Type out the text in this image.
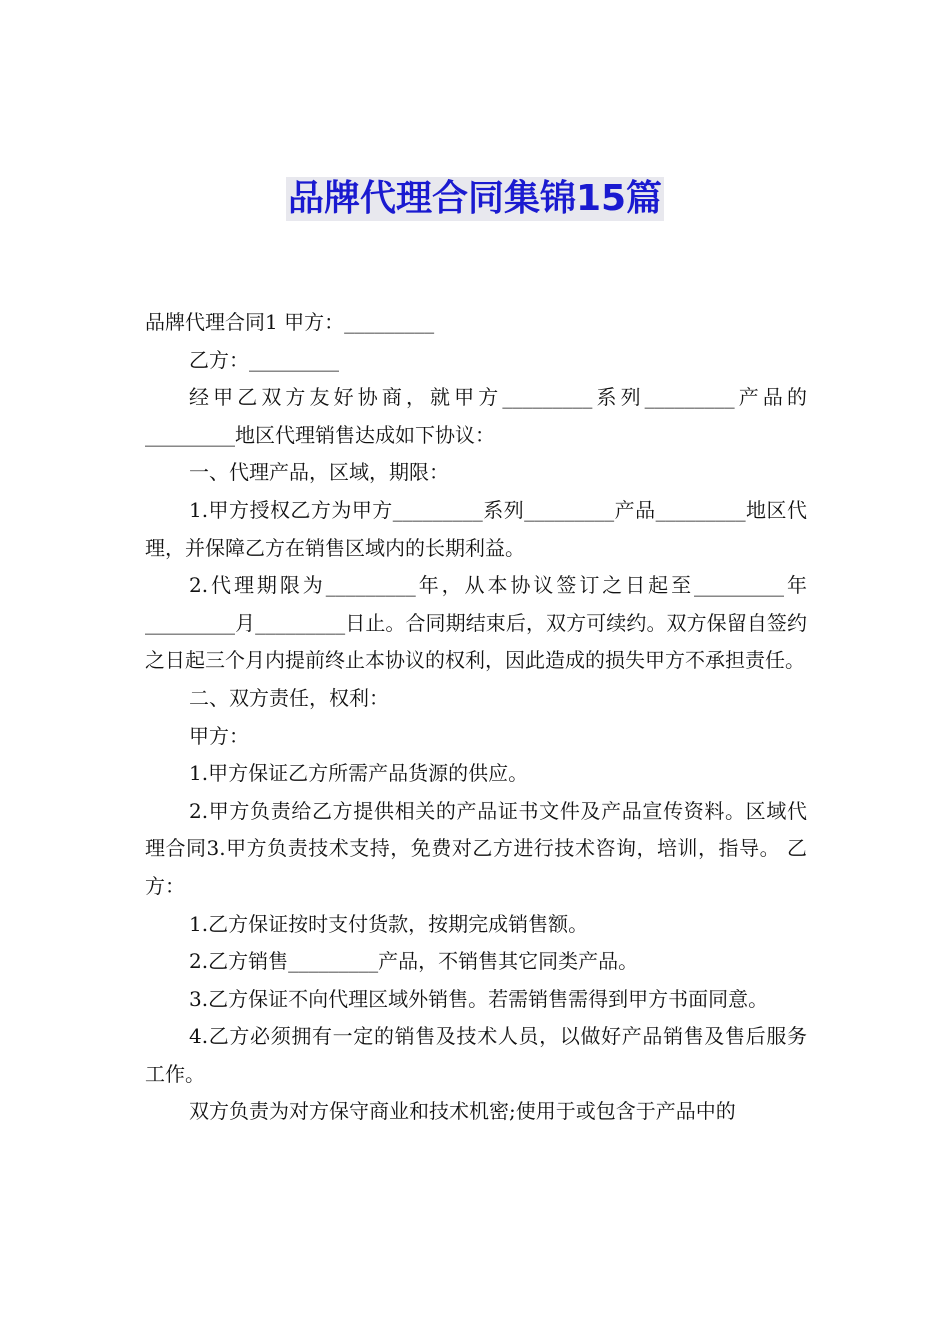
品牌代理合同集锦15篇

品牌代理合同1 甲方：_________

乙方：_________

经甲乙双方友好协商，就甲方_________系列_________产品的_________地区代理销售达成如下协议：

一、代理产品，区域，期限：

1.甲方授权乙方为甲方_________系列_________产品_________地区代理，并保障乙方在销售区域内的长期利益。

2.代理期限为_________年，从本协议签订之日起至_________年_________月_________日止。合同期结束后，双方可续约。双方保留自签约之日起三个月内提前终止本协议的权利，因此造成的损失甲方不承担责任。

二、双方责任，权利：

甲方：

1.甲方保证乙方所需产品货源的供应。

2.甲方负责给乙方提供相关的产品证书文件及产品宣传资料。区域代理合同3.甲方负责技术支持，免费对乙方进行技术咨询，培训，指导。 乙方：

1.乙方保证按时支付货款，按期完成销售额。

2.乙方销售_________产品，不销售其它同类产品。

3.乙方保证不向代理区域外销售。若需销售需得到甲方书面同意。

4.乙方必须拥有一定的销售及技术人员，以做好产品销售及售后服务工作。

双方负责为对方保守商业和技术机密;使用于或包含于产品中的
